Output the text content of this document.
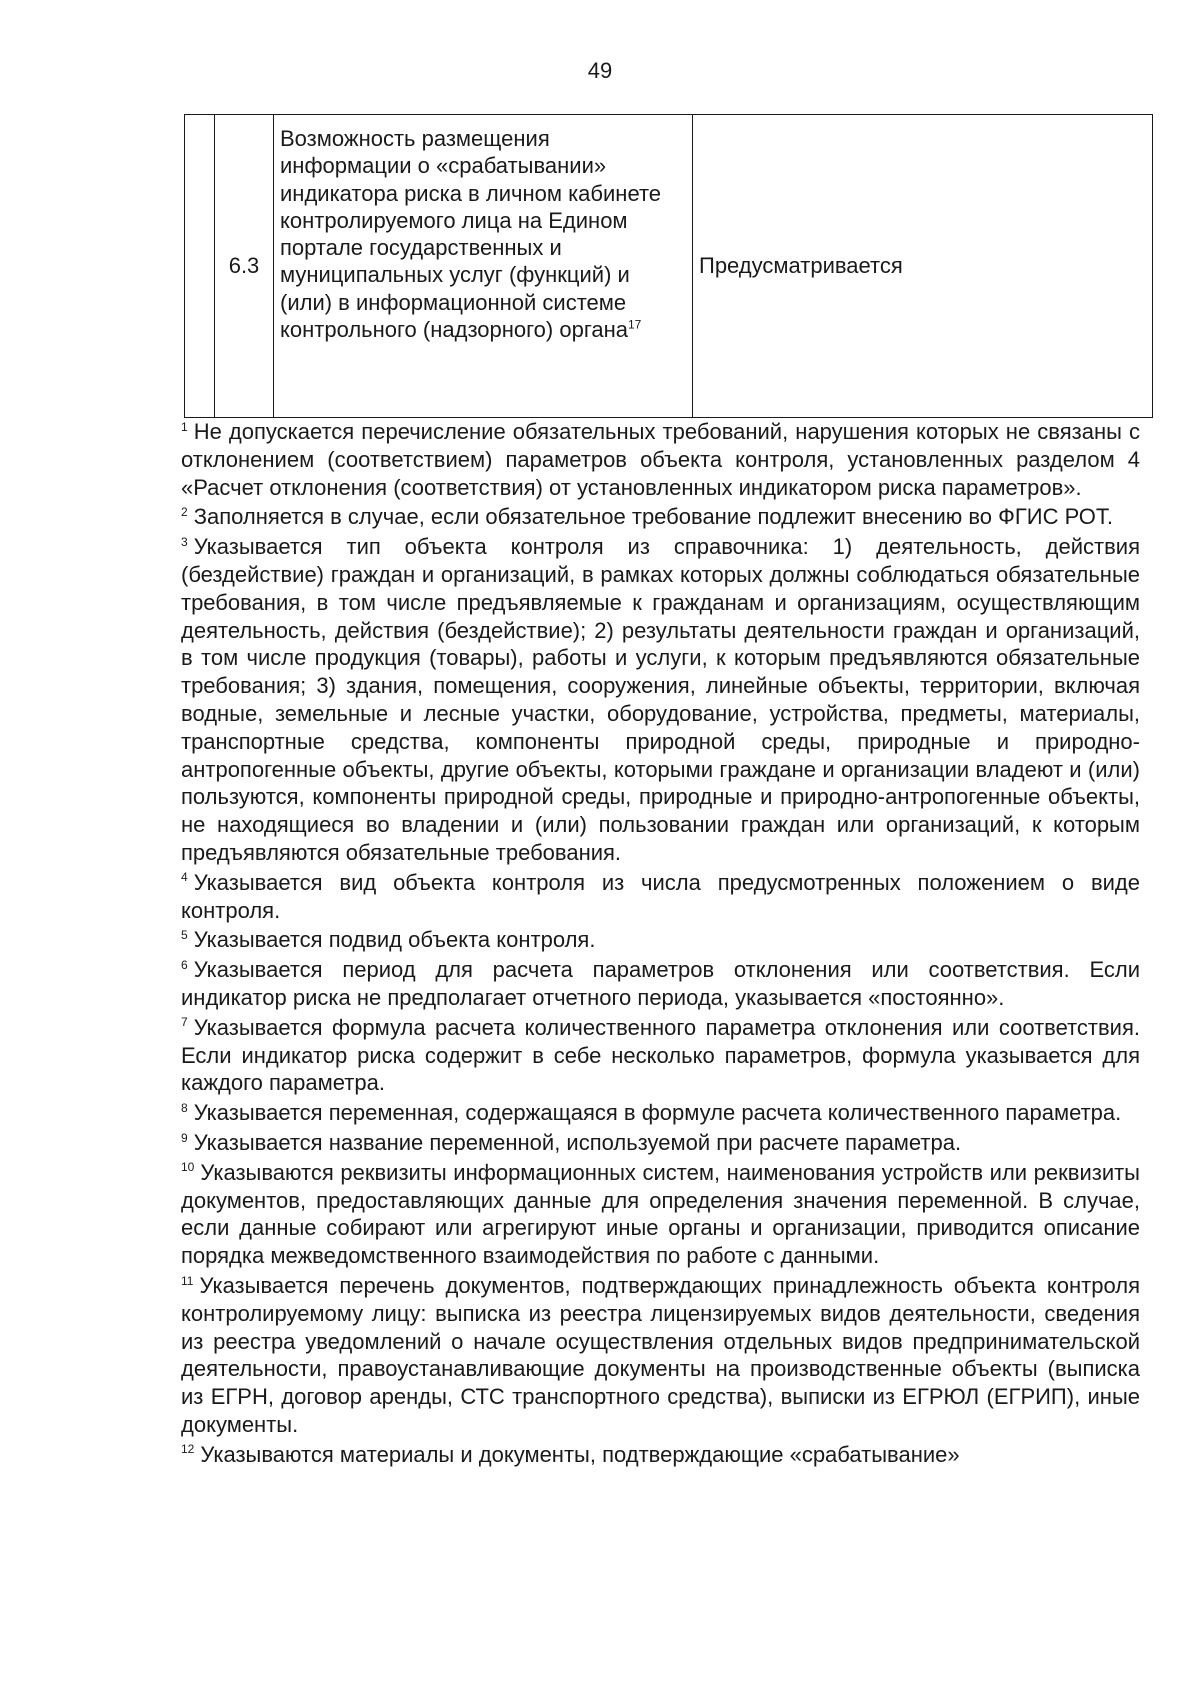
49
	6.3	Возможность размещения информации о «срабатывании» индикатора риска в личном кабинете контролируемого лица на Едином портале государственных и муниципальных услуг (функций) и (или) в информационной системе контрольного (надзорного) органа$^{17}$	Предусматривается

$^1$ Не допускается перечисление обязательных требований, нарушения которых не связаны с отклонением (соответствием) параметров объекта контроля, установленных разделом 4 «Расчет отклонения (соответствия) от установленных индикатором риска параметров».

$^2$ Заполняется в случае, если обязательное требование подлежит внесению во ФГИС РОТ.

$^3$ Указывается тип объекта контроля из справочника: 1) деятельность, действия (бездействие) граждан и организаций, в рамках которых должны соблюдаться обязательные требования, в том числе предъявляемые к гражданам и организациям, осуществляющим деятельность, действия (бездействие); 2) результаты деятельности граждан и организаций, в том числе продукция (товары), работы и услуги, к которым предъявляются обязательные требования; 3) здания, помещения, сооружения, линейные объекты, территории, включая водные, земельные и лесные участки, оборудование, устройства, предметы, материалы, транспортные средства, компоненты природной среды, природные и природно-антропогенные объекты, другие объекты, которыми граждане и организации владеют и (или) пользуются, компоненты природной среды, природные и природно-антропогенные объекты, не находящиеся во владении и (или) пользовании граждан или организаций, к которым предъявляются обязательные требования.

$^4$ Указывается вид объекта контроля из числа предусмотренных положением о виде контроля.

$^5$ Указывается подвид объекта контроля.

$^6$ Указывается период для расчета параметров отклонения или соответствия. Если индикатор риска не предполагает отчетного периода, указывается «постоянно».

$^7$ Указывается формула расчета количественного параметра отклонения или соответствия. Если индикатор риска содержит в себе несколько параметров, формула указывается для каждого параметра.

$^8$ Указывается переменная, содержащаяся в формуле расчета количественного параметра.

$^9$ Указывается название переменной, используемой при расчете параметра.

$^{10}$ Указываются реквизиты информационных систем, наименования устройств или реквизиты документов, предоставляющих данные для определения значения переменной. В случае, если данные собирают или агрегируют иные органы и организации, приводится описание порядка межведомственного взаимодействия по работе с данными.

$^{11}$ Указывается перечень документов, подтверждающих принадлежность объекта контроля контролируемому лицу: выписка из реестра лицензируемых видов деятельности, сведения из реестра уведомлений о начале осуществления отдельных видов предпринимательской деятельности, правоустанавливающие документы на производственные объекты (выписка из ЕГРН, договор аренды, СТС транспортного средства), выписки из ЕГРЮЛ (ЕГРИП), иные документы.

$^{12}$ Указываются материалы и документы, подтверждающие «срабатывание»
